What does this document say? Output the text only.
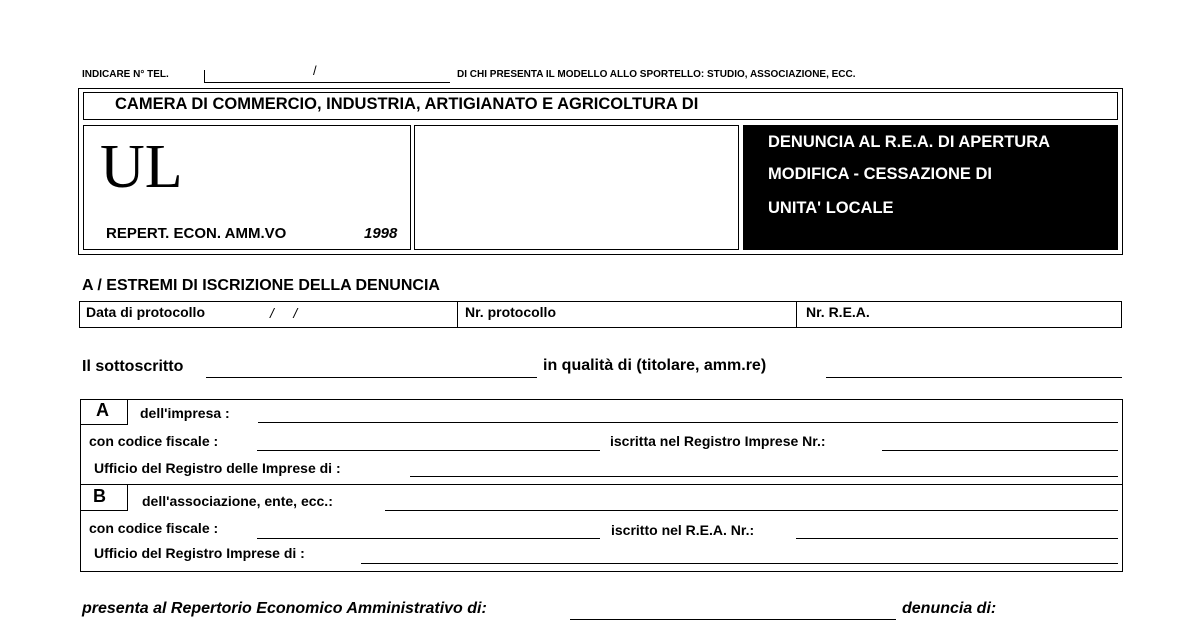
INDICARE N° TEL.	/	DI CHI PRESENTA IL MODELLO ALLO SPORTELLO: STUDIO, ASSOCIAZIONE, ECC.
CAMERA DI COMMERCIO, INDUSTRIA, ARTIGIANATO E AGRICOLTURA DI
UL
REPERT. ECON. AMM.VO	1998
DENUNCIA AL R.E.A. DI APERTURA
MODIFICA - CESSAZIONE DI
UNITA' LOCALE
A / ESTREMI DI ISCRIZIONE DELLA DENUNCIA
Data di protocollo	/     /	Nr. protocollo	Nr. R.E.A.
Il sottoscritto	in qualità di (titolare, amm.re)
A dell'impresa :
con codice fiscale :	iscritta nel Registro Imprese Nr.:
Ufficio del Registro delle Imprese di :
B	dell'associazione, ente, ecc.:
con codice fiscale :	iscritto nel R.E.A. Nr.:
Ufficio del Registro Imprese di :
presenta al Repertorio Economico Amministrativo di:	denuncia di:
